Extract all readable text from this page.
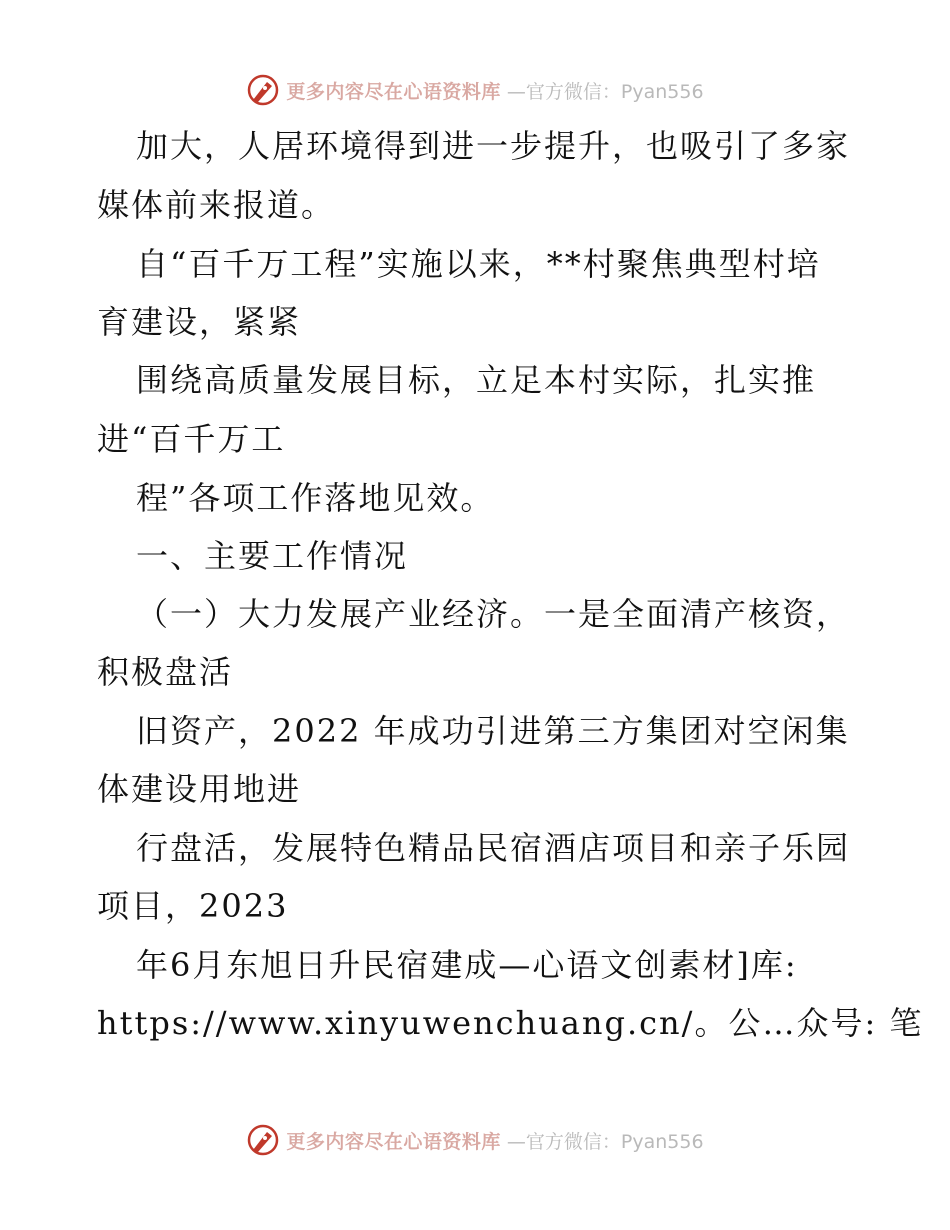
更多内容尽在心语资料库 —官方微信：Pyan556
加大，人居环境得到进一步提升，也吸引了多家
媒体前来报道。
自“百千万工程”实施以来，**村聚焦典型村培
育建设，紧紧
围绕高质量发展目标，立足本村实际，扎实推
进“百千万工
程”各项工作落地见效。
一、主要工作情况
（一）大力发展产业经济。一是全面清产核资，
积极盘活
旧资产，2022 年成功引进第三方集团对空闲集
体建设用地进
行盘活，发展特色精品民宿酒店项目和亲子乐园
项目，2023
年6月东旭日升民宿建成—心语文创素材]库:
https://www.xinyuwenchuang.cn/。公…众号: 笔
更多内容尽在心语资料库 —官方微信：Pyan556
